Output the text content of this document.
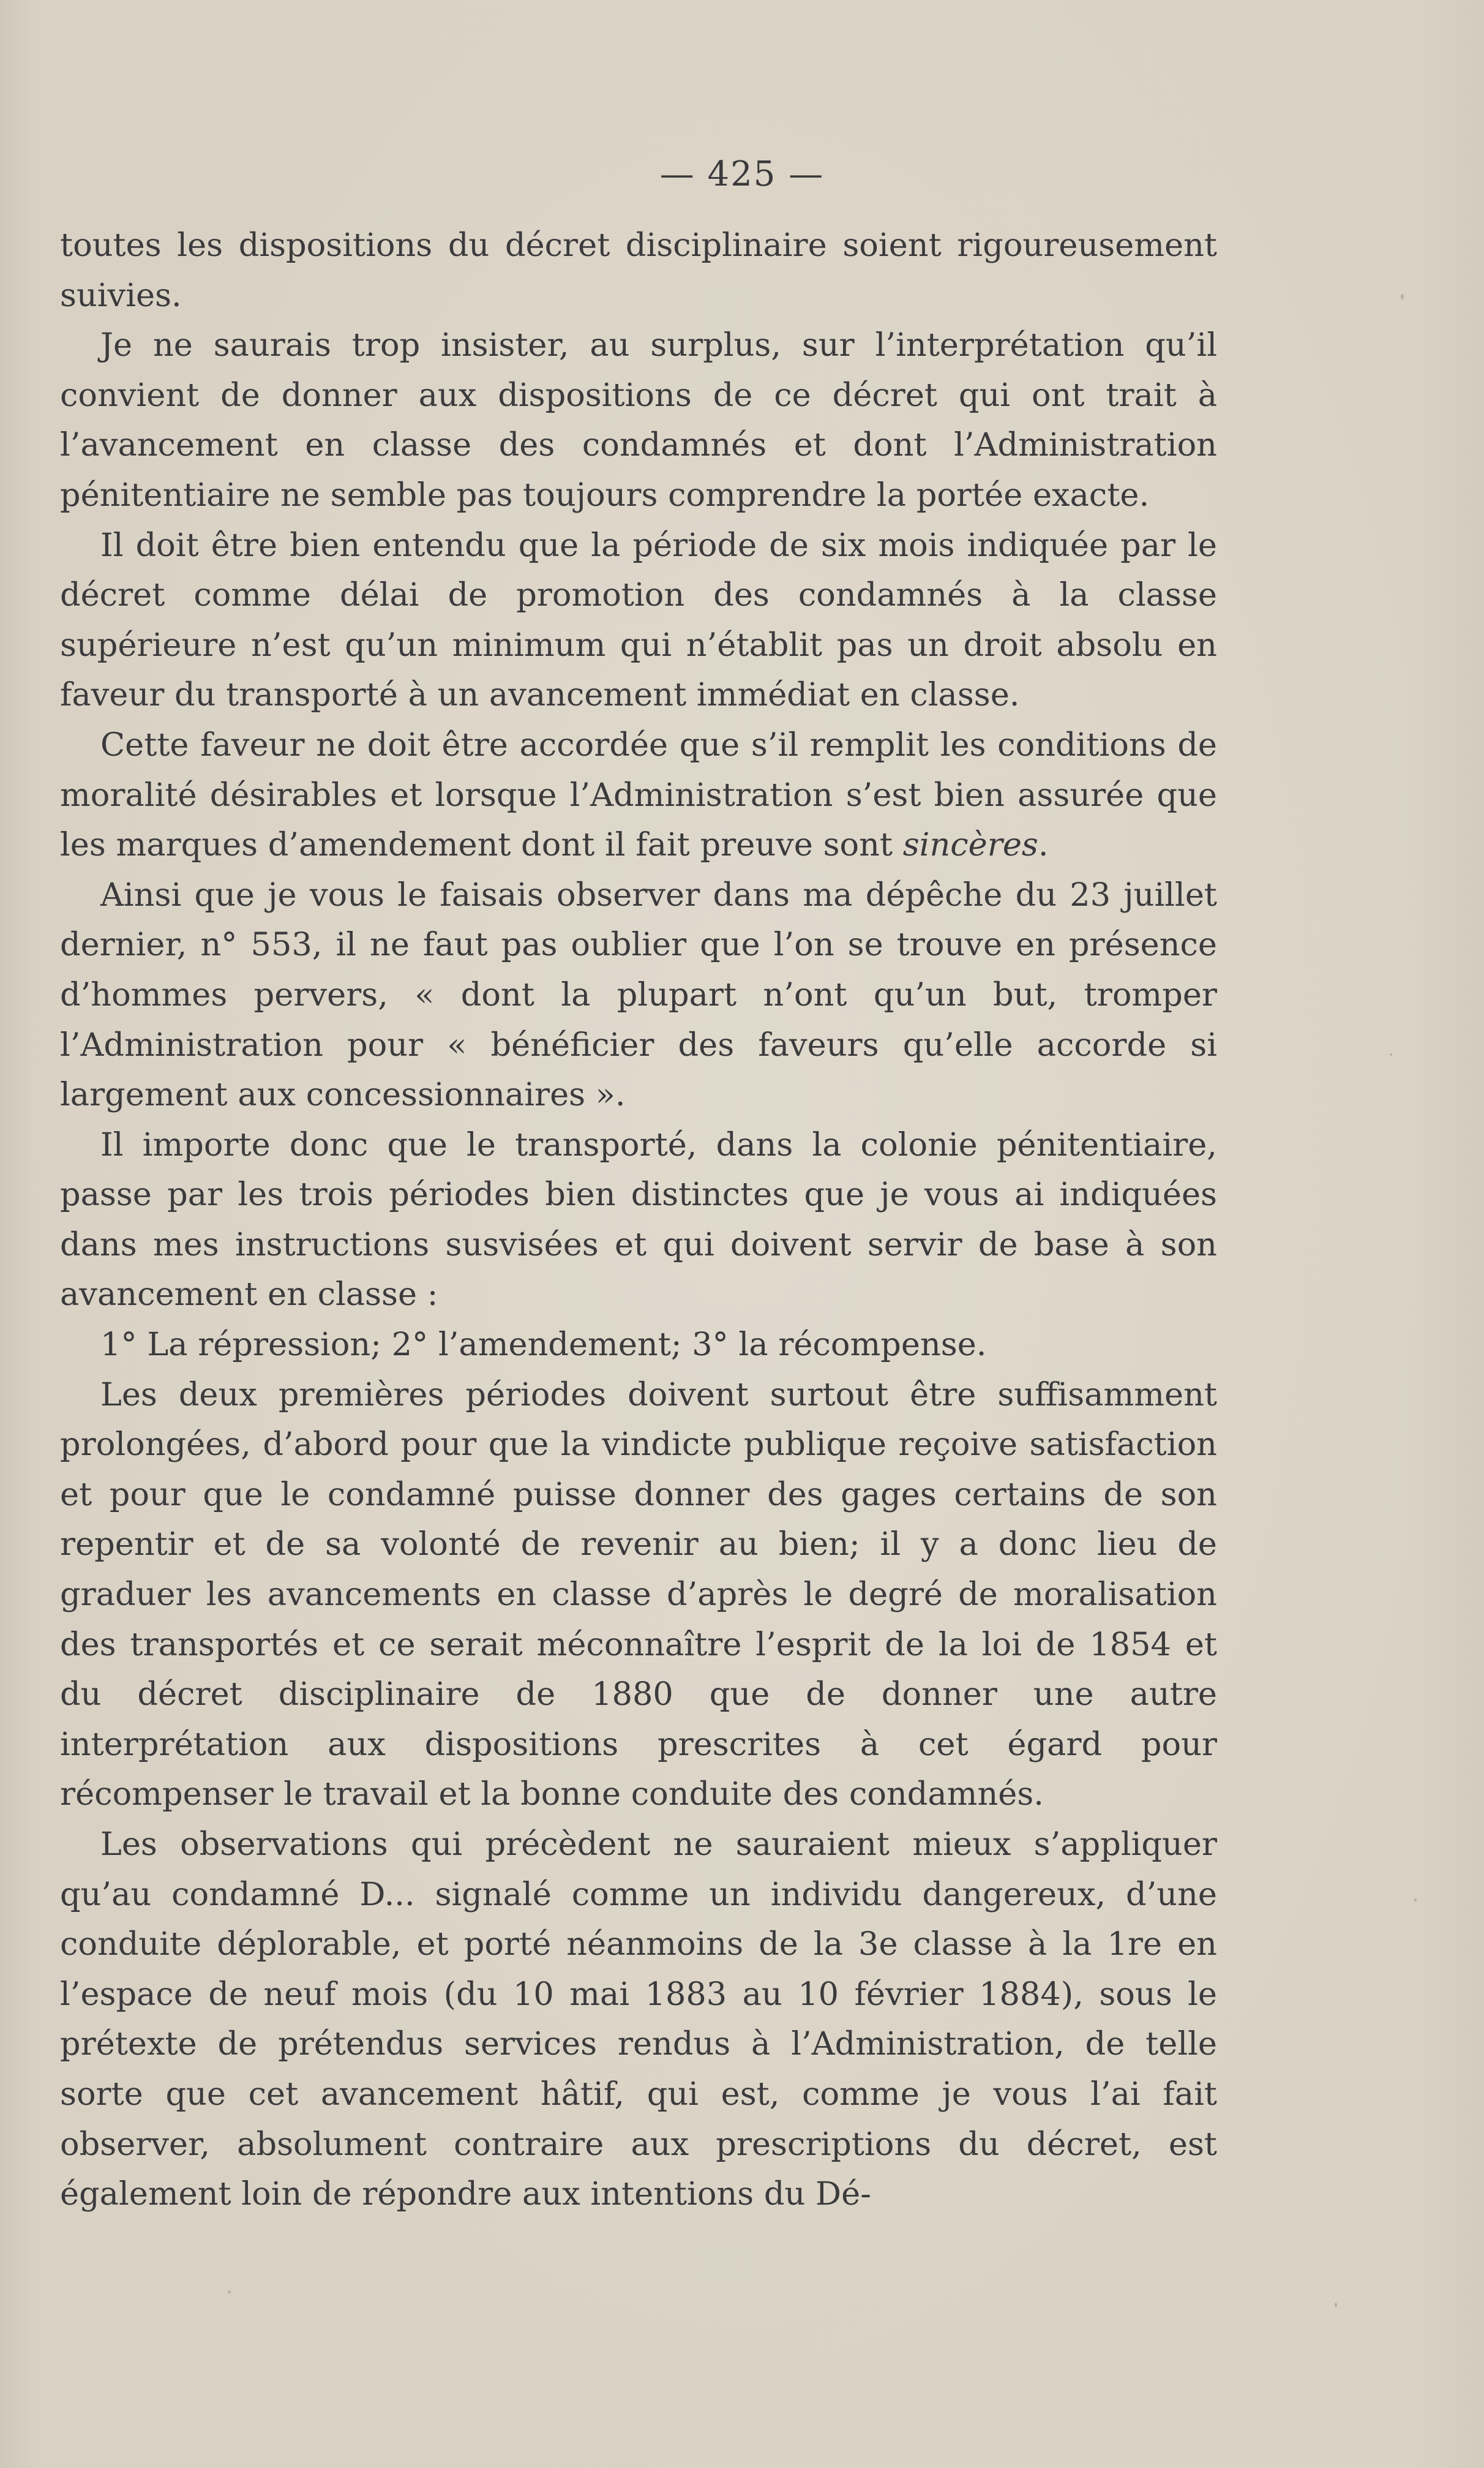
— 425 —

toutes les dispositions du décret disciplinaire soient rigoureusement suivies.

Je ne saurais trop insister, au surplus, sur l’interprétation qu’il convient de donner aux dispositions de ce décret qui ont trait à l’avancement en classe des condamnés et dont l’Administration pénitentiaire ne semble pas toujours comprendre la portée exacte.

Il doit être bien entendu que la période de six mois indiquée par le décret comme délai de promotion des condamnés à la classe supérieure n’est qu’un minimum qui n’établit pas un droit absolu en faveur du transporté à un avancement immédiat en classe.

Cette faveur ne doit être accordée que s’il remplit les conditions de moralité désirables et lorsque l’Administration s’est bien assurée que les marques d’amendement dont il fait preuve sont sincères.

Ainsi que je vous le faisais observer dans ma dépêche du 23 juillet dernier, n° 553, il ne faut pas oublier que l’on se trouve en présence d’hommes pervers, « dont la plupart n’ont qu’un but, tromper l’Administration pour « bénéficier des faveurs qu’elle accorde si largement aux concessionnaires ».

Il importe donc que le transporté, dans la colonie pénitentiaire, passe par les trois périodes bien distinctes que je vous ai indiquées dans mes instructions susvisées et qui doivent servir de base à son avancement en classe :

1° La répression; 2° l’amendement; 3° la récompense.

Les deux premières périodes doivent surtout être suffisamment prolongées, d’abord pour que la vindicte publique reçoive satisfaction et pour que le condamné puisse donner des gages certains de son repentir et de sa volonté de revenir au bien; il y a donc lieu de graduer les avancements en classe d’après le degré de moralisation des transportés et ce serait méconnaître l’esprit de la loi de 1854 et du décret disciplinaire de 1880 que de donner une autre interprétation aux dispositions prescrites à cet égard pour récompenser le travail et la bonne conduite des condamnés.

Les observations qui précèdent ne sauraient mieux s’appliquer qu’au condamné D... signalé comme un individu dangereux, d’une conduite déplorable, et porté néanmoins de la 3e classe à la 1re en l’espace de neuf mois (du 10 mai 1883 au 10 février 1884), sous le prétexte de prétendus services rendus à l’Administration, de telle sorte que cet avancement hâtif, qui est, comme je vous l’ai fait observer, absolument contraire aux prescriptions du décret, est également loin de répondre aux intentions du Dé-
